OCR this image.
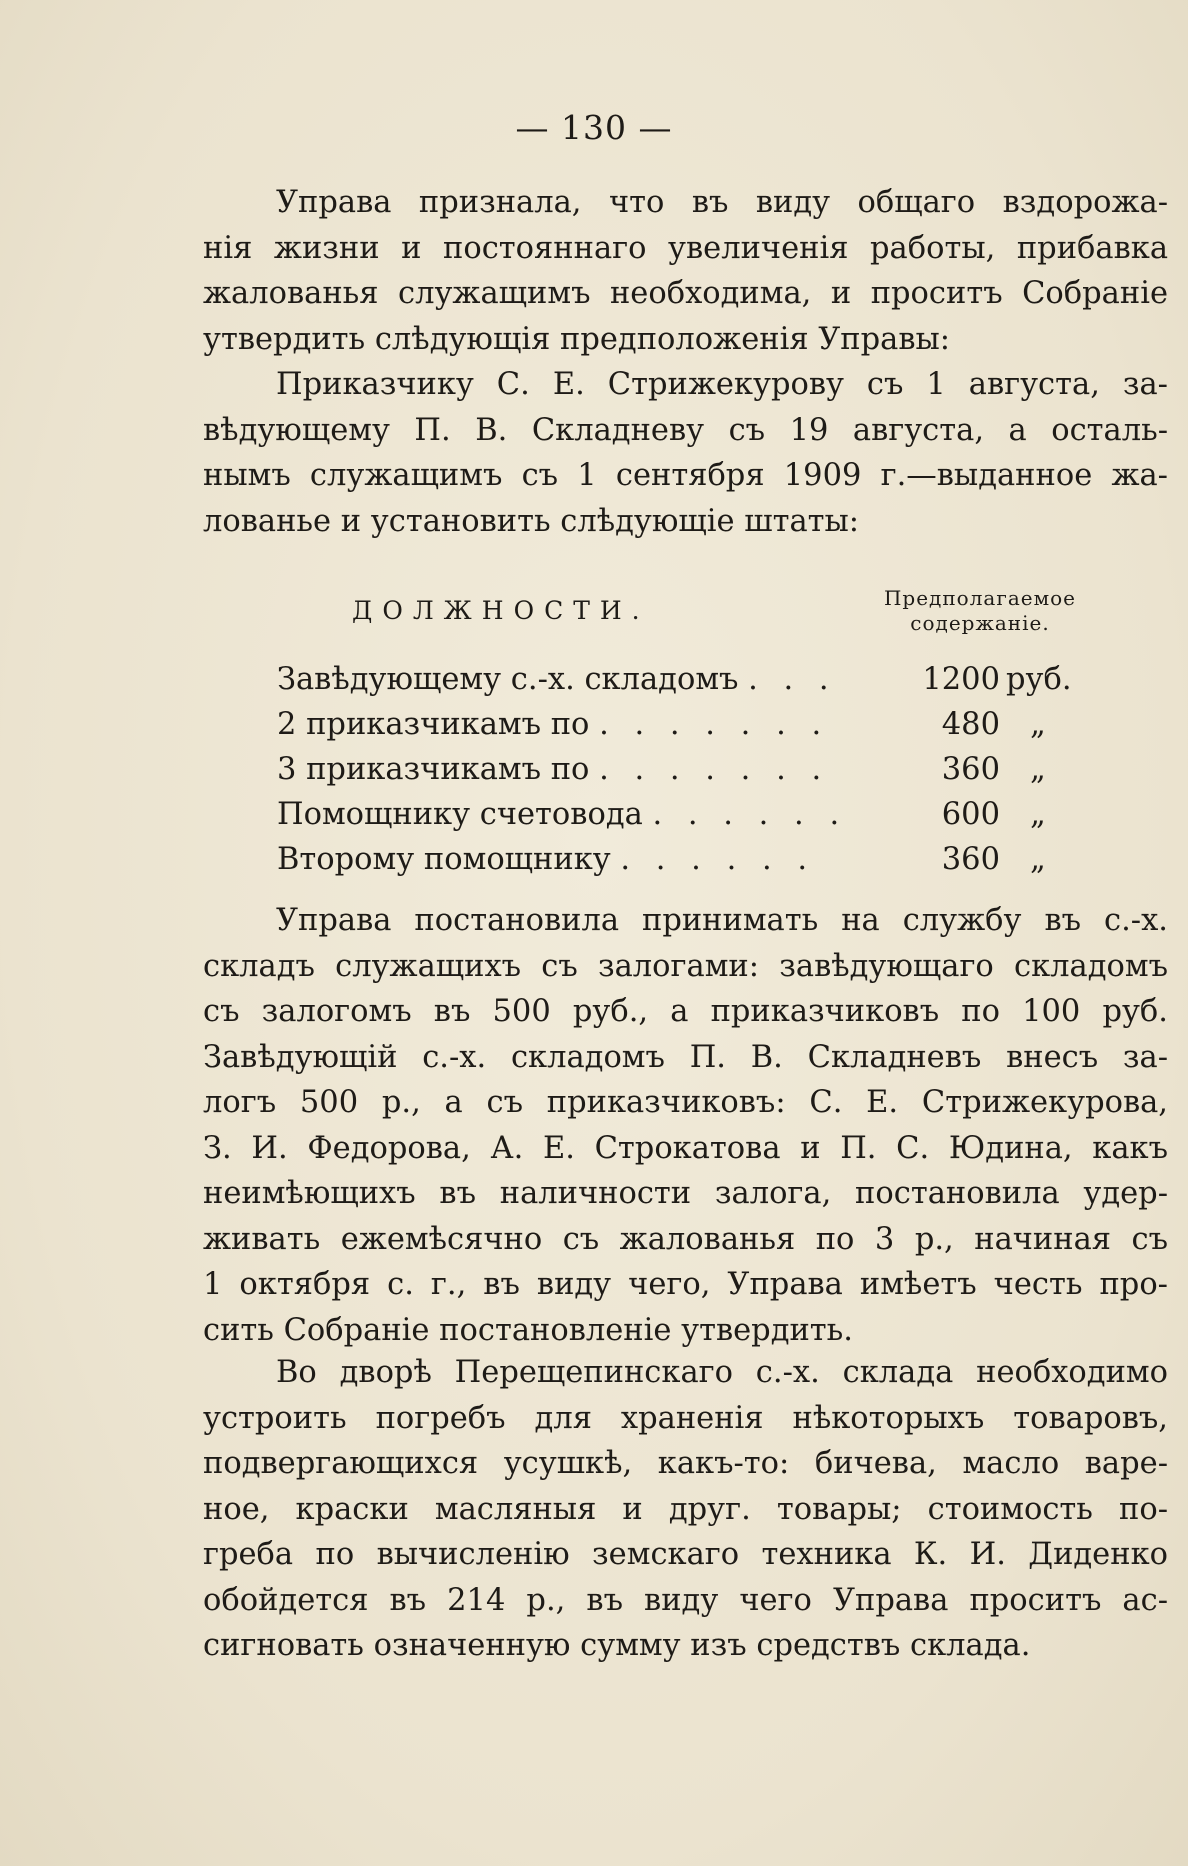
— 130 —
Управа признала, что въ виду общаго вздорожа-
нія жизни и постояннаго увеличенія работы, прибавка
жалованья служащимъ необходима, и проситъ Собраніе
утвердить слѣдующія предположенія Управы:
Приказчику С. Е. Стрижекурову съ 1 августа, за-
вѣдующему П. В. Складневу съ 19 августа, а осталь-
нымъ служащимъ съ 1 сентября 1909 г.—выданное жа-
лованье и установить слѣдующіе штаты:
ДОЛЖНОСТИ.	Предполагаемое
содержаніе.
Завѣдующему с.-х. складомъ . . .	1200 руб.
2 приказчикамъ по . . . . . . .	480 „
3 приказчикамъ по . . . . . . .	360 „
Помощнику счетовода . . . . . .	600 „
Второму помощнику . . . . . .	360 „
Управа постановила принимать на службу въ с.-х.
складъ служащихъ съ залогами: завѣдующаго складомъ
съ залогомъ въ 500 руб., а приказчиковъ по 100 руб.
Завѣдующій с.-х. складомъ П. В. Складневъ внесъ за-
логъ 500 р., а съ приказчиковъ: С. Е. Стрижекурова,
З. И. Федорова, А. Е. Строкатова и П. С. Юдина, какъ
неимѣющихъ въ наличности залога, постановила удер-
живать ежемѣсячно съ жалованья по 3 р., начиная съ
1 октября с. г., въ виду чего, Управа имѣетъ честь про-
сить Собраніе постановленіе утвердить.
Во дворѣ Перещепинскаго с.-х. склада необходимо
устроить погребъ для храненія нѣкоторыхъ товаровъ,
подвергающихся усушкѣ, какъ-то: бичева, масло варе-
ное, краски масляныя и друг. товары; стоимость по-
греба по вычисленію земскаго техника К. И. Диденко
обойдется въ 214 р., въ виду чего Управа проситъ ас-
сигновать означенную сумму изъ средствъ склада.
